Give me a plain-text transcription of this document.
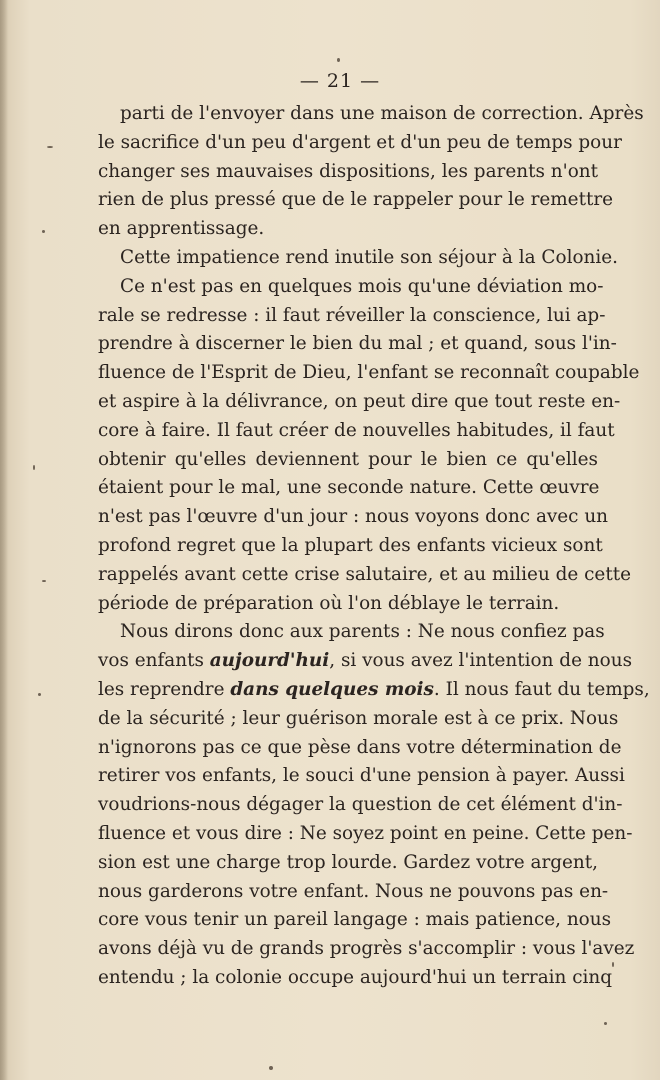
— 21 —
parti de l'envoyer dans une maison de correction. Après
le sacrifice d'un peu d'argent et d'un peu de temps pour
changer ses mauvaises dispositions, les parents n'ont
rien de plus pressé que de le rappeler pour le remettre
en apprentissage.
Cette impatience rend inutile son séjour à la Colonie.
Ce n'est pas en quelques mois qu'une déviation mo-
rale se redresse : il faut réveiller la conscience, lui ap-
prendre à discerner le bien du mal ; et quand, sous l'in-
fluence de l'Esprit de Dieu, l'enfant se reconnaît coupable
et aspire à la délivrance, on peut dire que tout reste en-
core à faire. Il faut créer de nouvelles habitudes, il faut
obtenir qu'elles deviennent pour le bien ce qu'elles
étaient pour le mal, une seconde nature. Cette œuvre
n'est pas l'œuvre d'un jour : nous voyons donc avec un
profond regret que la plupart des enfants vicieux sont
rappelés avant cette crise salutaire, et au milieu de cette
période de préparation où l'on déblaye le terrain.
Nous dirons donc aux parents : Ne nous confiez pas
vos enfants aujourd'hui, si vous avez l'intention de nous
les reprendre dans quelques mois. Il nous faut du temps,
de la sécurité ; leur guérison morale est à ce prix. Nous
n'ignorons pas ce que pèse dans votre détermination de
retirer vos enfants, le souci d'une pension à payer. Aussi
voudrions-nous dégager la question de cet élément d'in-
fluence et vous dire : Ne soyez point en peine. Cette pen-
sion est une charge trop lourde. Gardez votre argent,
nous garderons votre enfant. Nous ne pouvons pas en-
core vous tenir un pareil langage : mais patience, nous
avons déjà vu de grands progrès s'accomplir : vous l'avez
entendu ; la colonie occupe aujourd'hui un terrain cinq
